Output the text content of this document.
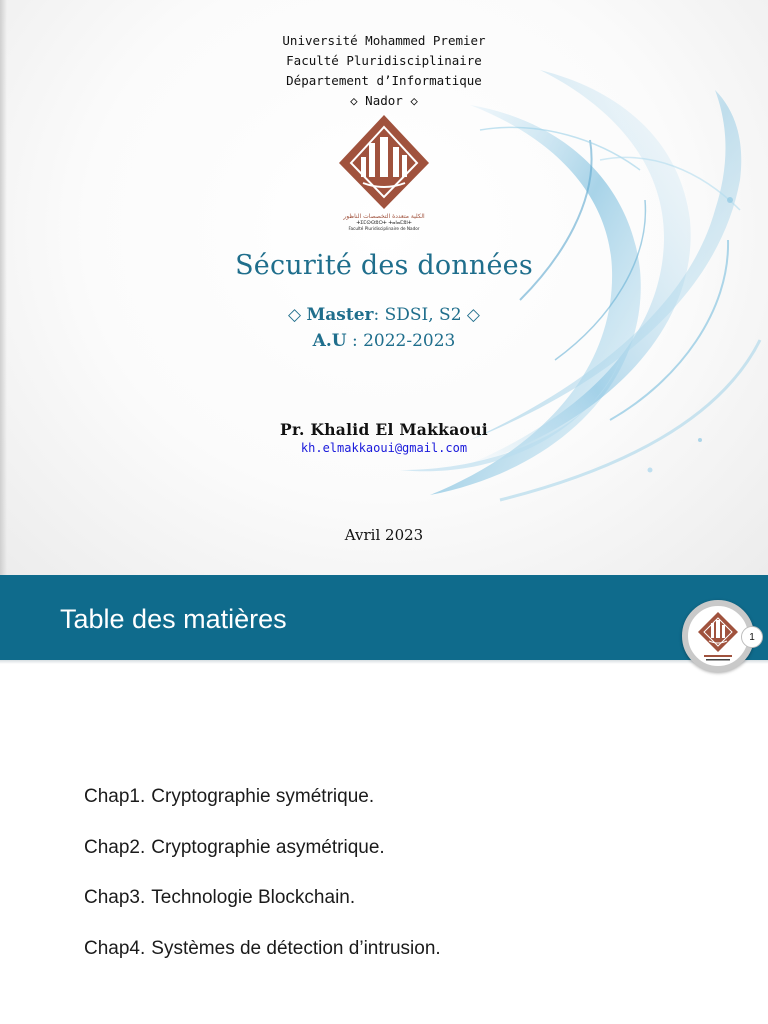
Université Mohammed Premier
Faculté Pluridisciplinaire
Département d’Informatique
◇ Nador ◇
الكلية متعددة التخصصات الناظور
ⵜⵉⵎⵙⵙⵓⵔⵜ ⵜⴰⵏⴰⵎⵓⵏⵜ
Faculté Pluridisciplinaire de Nador
Sécurité des données
◇ Master: SDSI, S2 ◇
A.U : 2022-2023
Pr. Khalid El Makkaoui
kh.elmakkaoui@gmail.com
Avril 2023
Table des matières
1
Chap1. Cryptographie symétrique.
Chap2. Cryptographie asymétrique.
Chap3. Technologie Blockchain.
Chap4. Systèmes de détection d’intrusion.
